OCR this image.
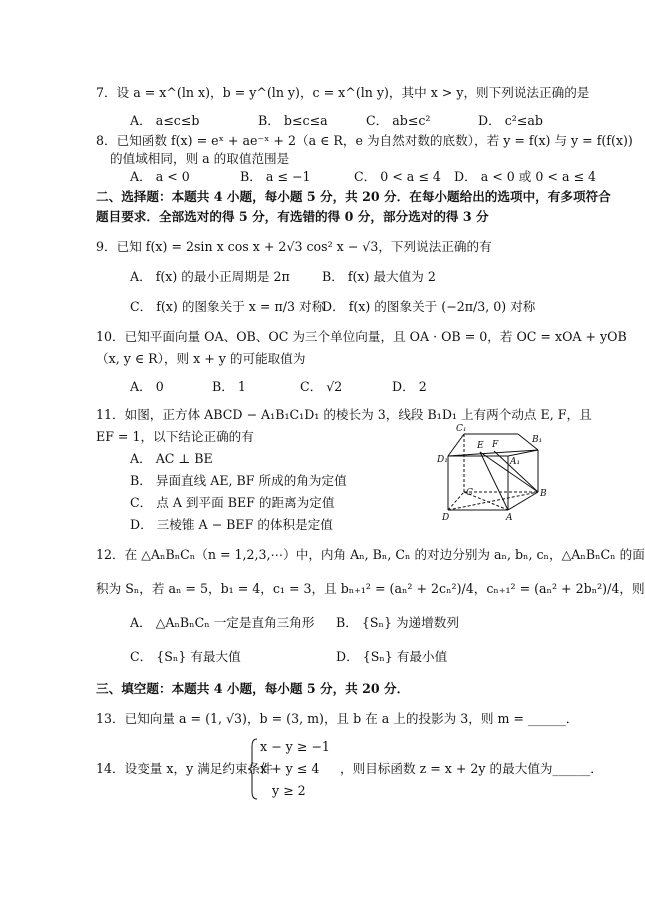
7．设 a = x^(ln x)，b = y^(ln y)，c = x^(ln y)，其中 x > y，则下列说法正确的是
A． a≤c≤b	B． b≤c≤a	C． ab≤c²	D． c²≤ab
8．已知函数 f(x) = eˣ + ae⁻ˣ + 2（a ∈ R，e 为自然对数的底数），若 y = f(x) 与 y = f(f(x))
的值域相同，则 a 的取值范围是
A． a < 0	B． a ≤ −1	C． 0 < a ≤ 4 D． a < 0 或 0 < a ≤ 4
二、选择题：本题共 4 小题，每小题 5 分，共 20 分．在每小题给出的选项中，有多项符合
题目要求．全部选对的得 5 分，有选错的得 0 分，部分选对的得 3 分
9．已知 f(x) = 2sin x cos x + 2√3 cos² x − √3，下列说法正确的有
A． f(x) 的最小正周期是 2π	B． f(x) 最大值为 2
C． f(x) 的图象关于 x = π/3 对称
D． f(x) 的图象关于 (−2π/3, 0) 对称
10．已知平面向量 OA、OB、OC 为三个单位向量，且 OA · OB = 0，若 OC = xOA + yOB
（x, y ∈ R），则 x + y 的可能取值为
A． 0	B． 1	C． √2	D． 2
11．如图，正方体 ABCD − A₁B₁C₁D₁ 的棱长为 3，线段 B₁D₁ 上有两个动点 E, F，且
EF = 1，以下结论正确的有
A． AC ⊥ BE
B． 异面直线 AE, BF 所成的角为定值
C． 点 A 到平面 BEF 的距离为定值
D． 三棱锥 A − BEF 的体积是定值
C₁
B₁
D₁	A₁
E F
C	B
D	A
12．在 △AₙBₙCₙ（n = 1,2,3,⋯）中，内角 Aₙ, Bₙ, Cₙ 的对边分别为 aₙ, bₙ, cₙ，△AₙBₙCₙ 的面
积为 Sₙ，若 aₙ = 5，b₁ = 4，c₁ = 3，且 bₙ₊₁² = (aₙ² + 2cₙ²)/4，cₙ₊₁² = (aₙ² + 2bₙ²)/4，则
A． △AₙBₙCₙ 一定是直角三角形 B． {Sₙ} 为递增数列
C． {Sₙ} 有最大值	D． {Sₙ} 有最小值
三、填空题：本题共 4 小题，每小题 5 分，共 20 分．
13．已知向量 a = (1, √3)，b = (3, m)，且 b 在 a 上的投影为 3，则 m = ______．
14．设变量 x，y 满足约束条件
x − y ≥ −1
x + y ≤ 4
y ≥ 2
，则目标函数 z = x + 2y 的最大值为______．
